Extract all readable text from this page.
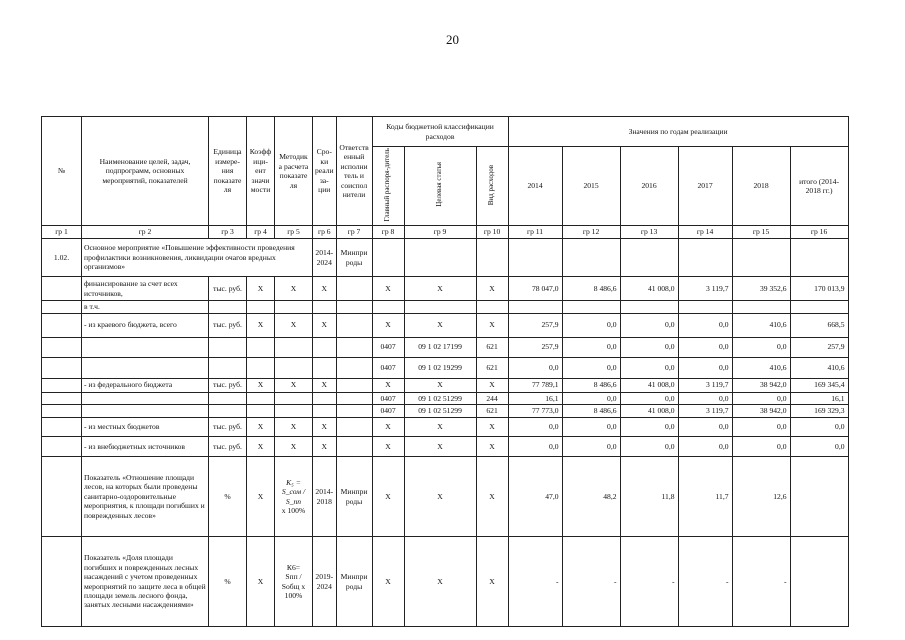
20
№	Наименование целей, задач, подпрограмм, основных мероприятий, показателей	Единица измере-ния показате ля	Коэфф ици-ент значи мости	Методик а расчета показате ля	Сро-ки реали за-ции	Ответств енный исполни тель и соиспол нители	Коды бюджетной классификации расходов			Значения по годам реализации					
							Главный распоря-дитель	Целевая статья	Вид расходов	2014	2015	2016	2017	2018	итого (2014-2018 гг.)
гр 1	гр 2	гр 3	гр 4	гр 5	гр 6	гр 7	гр 8	гр 9	гр 10	гр 11	гр 12	гр 13	гр 14	гр 15	гр 16
1.02.	Основное мероприятие «Повышение эффективности проведения профилактики возникновения, ликвидации очагов вредных организмов»				2014-2024	Минпри роды									
	финансирование за счет всех источников,	тыс. руб.	X	X	X		X	X	X	78 047,0	8 486,6	41 008,0	3 119,7	39 352,6	170 013,9
	в т.ч.														
	- из краевого бюджета, всего	тыс. руб.	X	X	X		X	X	X	257,9	0,0	0,0	0,0	410,6	668,5
							0407	09 1 02 17199	621	257,9	0,0	0,0	0,0	0,0	257,9
							0407	09 1 02 19299	621	0,0	0,0	0,0	0,0	410,6	410,6
	- из федерального бюджета	тыс. руб.	X	X	X		X	X	X	77 789,1	8 486,6	41 008,0	3 119,7	38 942,0	169 345,4
							0407	09 1 02 51299	244	16,1	0,0	0,0	0,0	0,0	16,1
							0407	09 1 02 51299	621	77 773,0	8 486,6	41 008,0	3 119,7	38 942,0	169 329,3
	- из местных бюджетов	тыс. руб.	X	X	X		X	X	X	0,0	0,0	0,0	0,0	0,0	0,0
	- из внебюджетных источников	тыс. руб.	X	X	X		X	X	X	0,0	0,0	0,0	0,0	0,0	0,0
	Показатель «Отношение площади лесов, на которых были проведены санитарно-оздоровительные мероприятия, к площади погибших и поврежденных лесов»	%	X	К₅ =
S_сом / S_пп
x 100%	2014-2018	Минпри роды	X	X	X	47,0	48,2	11,8	11,7	12,6	
	Показатель «Доля площади погибших и поврежденных лесных насаждений с учетом проведенных мероприятий по защите леса в общей площади земель лесного фонда, занятых лесными насаждениями»	%	X	К6=
Sпп /
Sобщ x
100%	2019-2024	Минпри роды	X	X	X	-	-	-	-	-	
